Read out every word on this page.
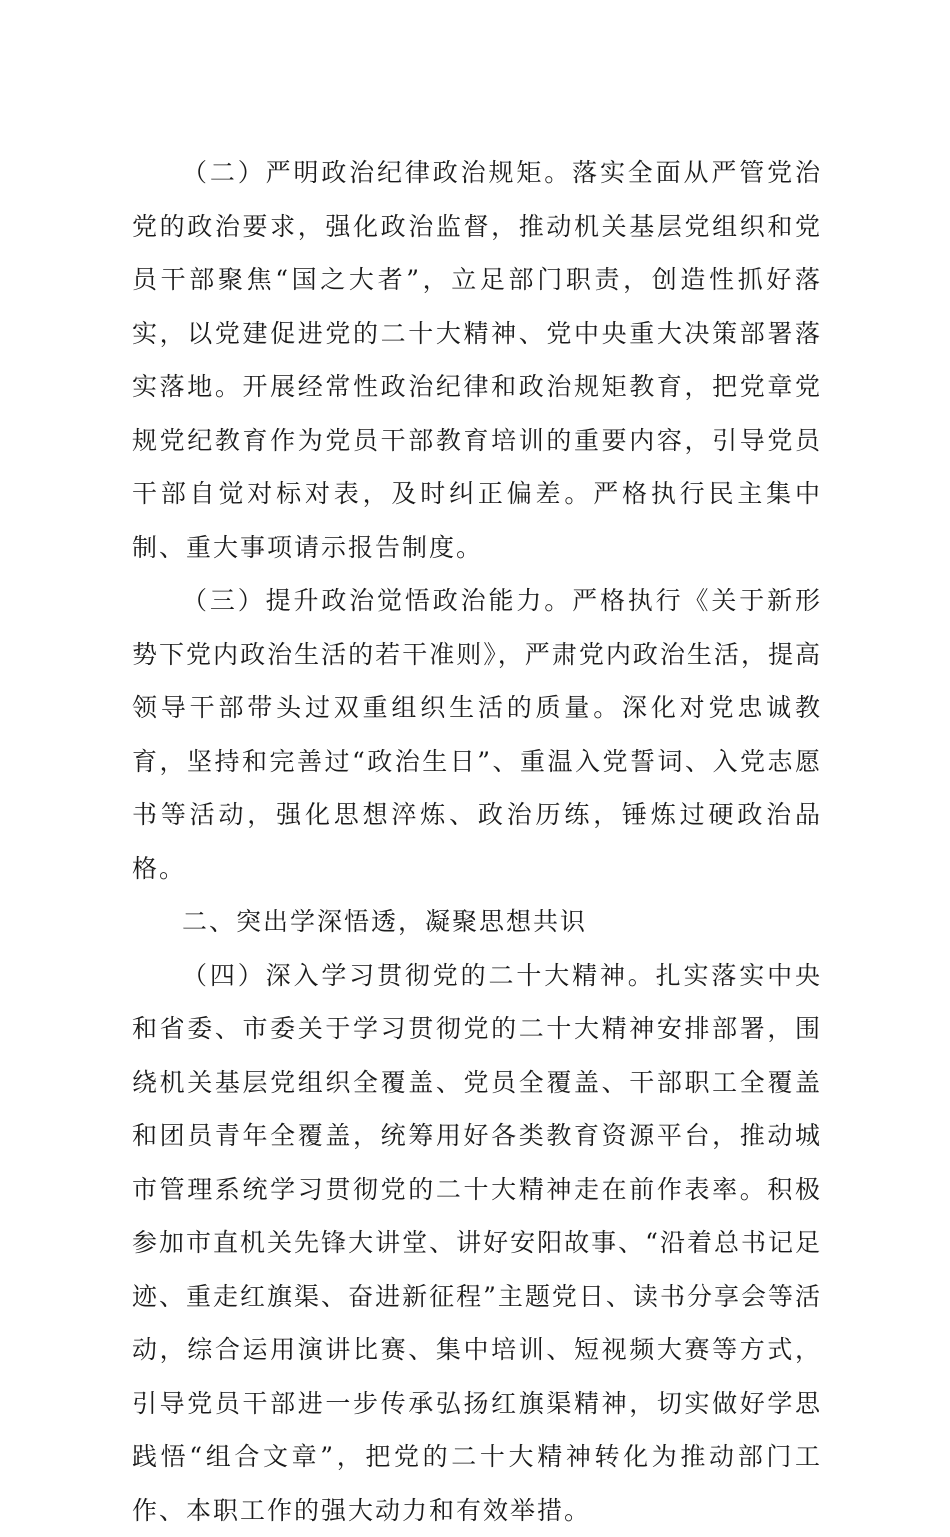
（二）严明政治纪律政治规矩。落实全面从严管党治党的政治要求，强化政治监督，推动机关基层党组织和党员干部聚焦“国之大者”，立足部门职责，创造性抓好落实，以党建促进党的二十大精神、党中央重大决策部署落实落地。开展经常性政治纪律和政治规矩教育，把党章党规党纪教育作为党员干部教育培训的重要内容，引导党员干部自觉对标对表，及时纠正偏差。严格执行民主集中制、重大事项请示报告制度。

（三）提升政治觉悟政治能力。严格执行《关于新形势下党内政治生活的若干准则》，严肃党内政治生活，提高领导干部带头过双重组织生活的质量。深化对党忠诚教育，坚持和完善过“政治生日”、重温入党誓词、入党志愿书等活动，强化思想淬炼、政治历练，锤炼过硬政治品格。

二、突出学深悟透，凝聚思想共识

（四）深入学习贯彻党的二十大精神。扎实落实中央和省委、市委关于学习贯彻党的二十大精神安排部署，围绕机关基层党组织全覆盖、党员全覆盖、干部职工全覆盖和团员青年全覆盖，统筹用好各类教育资源平台，推动城市管理系统学习贯彻党的二十大精神走在前作表率。积极参加市直机关先锋大讲堂、讲好安阳故事、“沿着总书记足迹、重走红旗渠、奋进新征程”主题党日、读书分享会等活动，综合运用演讲比赛、集中培训、短视频大赛等方式，引导党员干部进一步传承弘扬红旗渠精神，切实做好学思践悟“组合文章”，把党的二十大精神转化为推动部门工作、本职工作的强大动力和有效举措。
